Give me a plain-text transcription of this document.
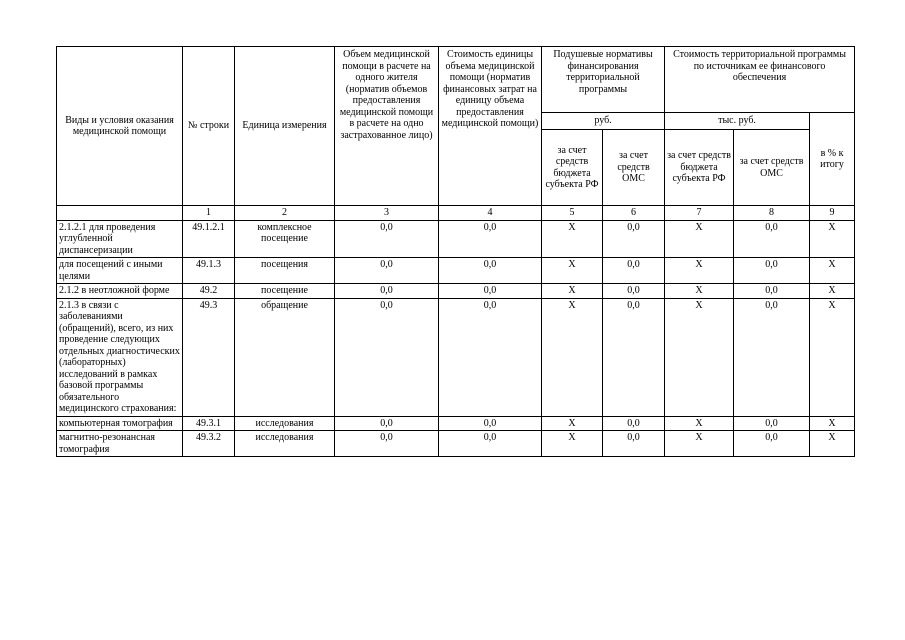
Виды и условия оказания медицинской помощи	№ строки	Единица измерения	Объем медицинской помощи в расчете на одного жителя (норматив объемов предоставления медицинской помощи в расчете на одно застрахованное лицо)	Стоимость единицы объема медицинской помощи (норматив финансовых затрат на единицу объема предоставления медицинской помощи)	Подушевые нормативы финансирования территориальной программы		Стоимость территориальной программы по источникам ее финансового обеспечения		
					руб.		тыс. руб.		в % к итогу
					за счет средств бюджета субъекта РФ	за счет средств ОМС	за счет средств бюджета субъекта РФ	за счет средств ОМС	
	1	2	3	4	5	6	7	8	9
2.1.2.1 для проведения углубленной диспансеризации	49.1.2.1	комплексное посещение	0,0	0,0	Х	0,0	Х	0,0	Х
для посещений с иными целями	49.1.3	посещения	0,0	0,0	Х	0,0	Х	0,0	Х
2.1.2 в неотложной форме	49.2	посещение	0,0	0,0	Х	0,0	Х	0,0	Х
2.1.3 в связи с заболеваниями (обращений), всего, из них проведение следующих отдельных диагностических (лабораторных) исследований в рамках базовой программы обязательного медицинского страхования:	49.3	обращение	0,0	0,0	Х	0,0	Х	0,0	Х
компьютерная томография	49.3.1	исследования	0,0	0,0	Х	0,0	Х	0,0	Х
магнитно-резонансная томография	49.3.2	исследования	0,0	0,0	Х	0,0	Х	0,0	Х
